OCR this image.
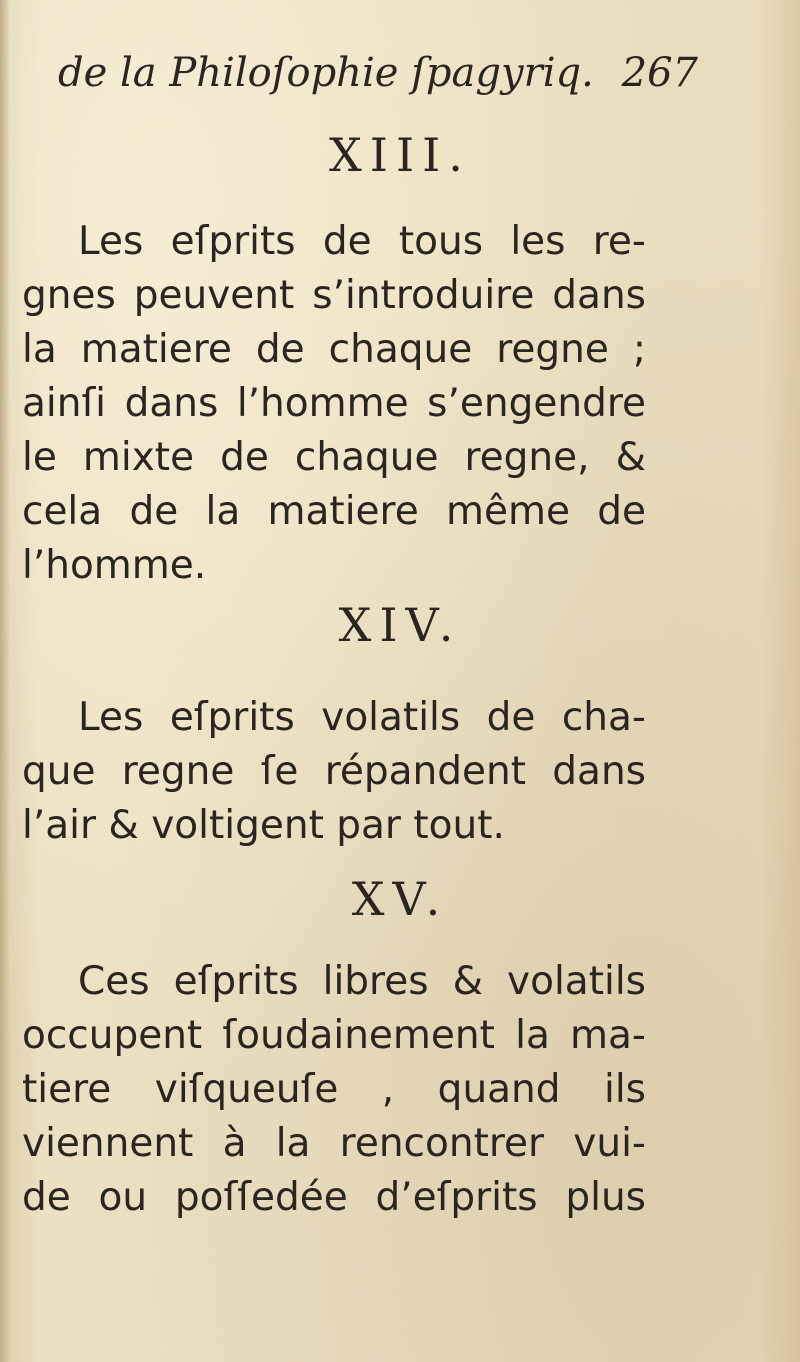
de la Philoſophie ſpagyriq. 267
XIII.
Les eſprits de tous les re-
gnes peuvent s’introduire dans
la matiere de chaque regne ;
ainſi dans l’homme s’engendre
le mixte de chaque regne, &
cela de la matiere même de
l’homme.
XIV.
Les eſprits volatils de cha-
que regne ſe répandent dans
l’air & voltigent par tout.
XV.
Ces eſprits libres & volatils
occupent ſoudainement la ma-
tiere viſqueuſe , quand ils
viennent à la rencontrer vui-
de ou poſſedée d’eſprits plus
